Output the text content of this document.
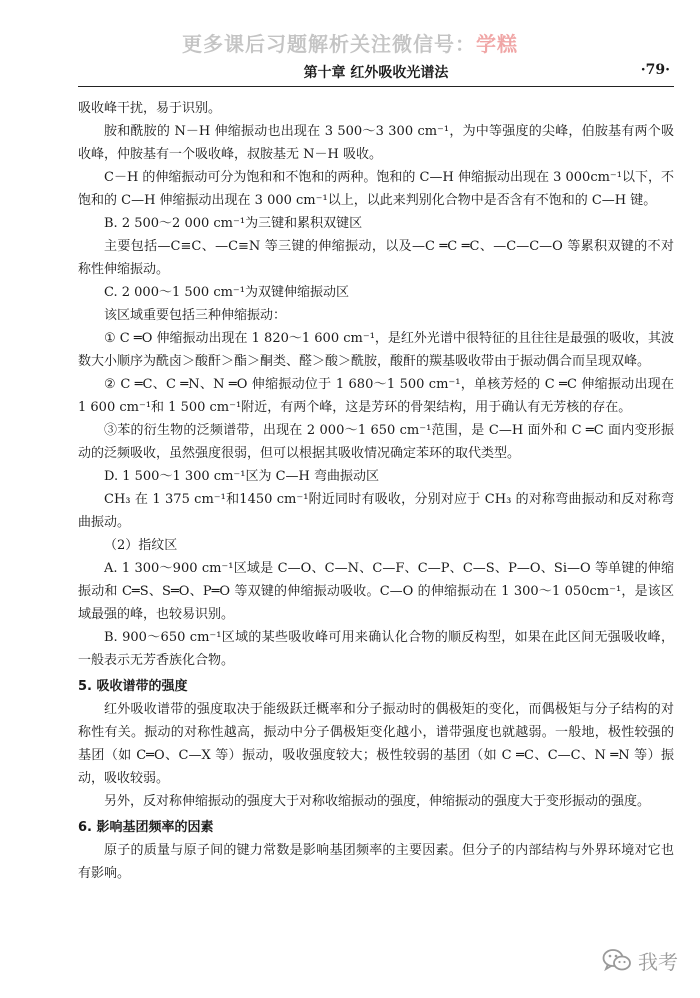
更多课后习题解析关注微信号：学糕
第十章 红外吸收光谱法	·79·

吸收峰干扰，易于识别。

胺和酰胺的 N－H 伸缩振动也出现在 3 500～3 300 cm⁻¹，为中等强度的尖峰，伯胺基有两个吸收峰，仲胺基有一个吸收峰，叔胺基无 N－H 吸收。

C－H 的伸缩振动可分为饱和和不饱和的两种。饱和的 C—H 伸缩振动出现在 3 000cm⁻¹以下，不饱和的 C—H 伸缩振动出现在 3 000 cm⁻¹以上，以此来判别化合物中是否含有不饱和的 C—H 键。

B. 2 500～2 000 cm⁻¹为三键和累积双键区

主要包括—C≡C、—C≡N 等三键的伸缩振动，以及—C ═C ═C、—C—C—O 等累积双键的不对称性伸缩振动。

C. 2 000～1 500 cm⁻¹为双键伸缩振动区

该区域重要包括三种伸缩振动：

① C ═O 伸缩振动出现在 1 820～1 600 cm⁻¹，是红外光谱中很特征的且往往是最强的吸收，其波数大小顺序为酰卤＞酸酐＞酯＞酮类、醛＞酸＞酰胺，酸酐的羰基吸收带由于振动偶合而呈现双峰。

② C ═C、C ═N、N ═O 伸缩振动位于 1 680～1 500 cm⁻¹，单核芳烃的 C ═C 伸缩振动出现在 1 600 cm⁻¹和 1 500 cm⁻¹附近，有两个峰，这是芳环的骨架结构，用于确认有无芳核的存在。

③苯的衍生物的泛频谱带，出现在 2 000～1 650 cm⁻¹范围，是 C—H 面外和 C ═C 面内变形振动的泛频吸收，虽然强度很弱，但可以根据其吸收情况确定苯环的取代类型。

D. 1 500～1 300 cm⁻¹区为 C—H 弯曲振动区

CH₃ 在 1 375 cm⁻¹和1450 cm⁻¹附近同时有吸收，分别对应于 CH₃ 的对称弯曲振动和反对称弯曲振动。

（2）指纹区

A. 1 300～900 cm⁻¹区域是 C—O、C—N、C—F、C—P、C—S、P—O、Si—O 等单键的伸缩振动和 C═S、S═O、P═O 等双键的伸缩振动吸收。C—O 的伸缩振动在 1 300～1 050cm⁻¹，是该区域最强的峰，也较易识别。

B. 900～650 cm⁻¹区域的某些吸收峰可用来确认化合物的顺反构型，如果在此区间无强吸收峰，一般表示无芳香族化合物。

5. 吸收谱带的强度

红外吸收谱带的强度取决于能级跃迁概率和分子振动时的偶极矩的变化，而偶极矩与分子结构的对称性有关。振动的对称性越高，振动中分子偶极矩变化越小，谱带强度也就越弱。一般地，极性较强的基团（如 C═O、C—X 等）振动，吸收强度较大；极性较弱的基团（如 C ═C、C—C、N ═N 等）振动，吸收较弱。

另外，反对称伸缩振动的强度大于对称收缩振动的强度，伸缩振动的强度大于变形振动的强度。

6. 影响基团频率的因素

原子的质量与原子间的键力常数是影响基团频率的主要因素。但分子的内部结构与外界环境对它也有影响。

我考
